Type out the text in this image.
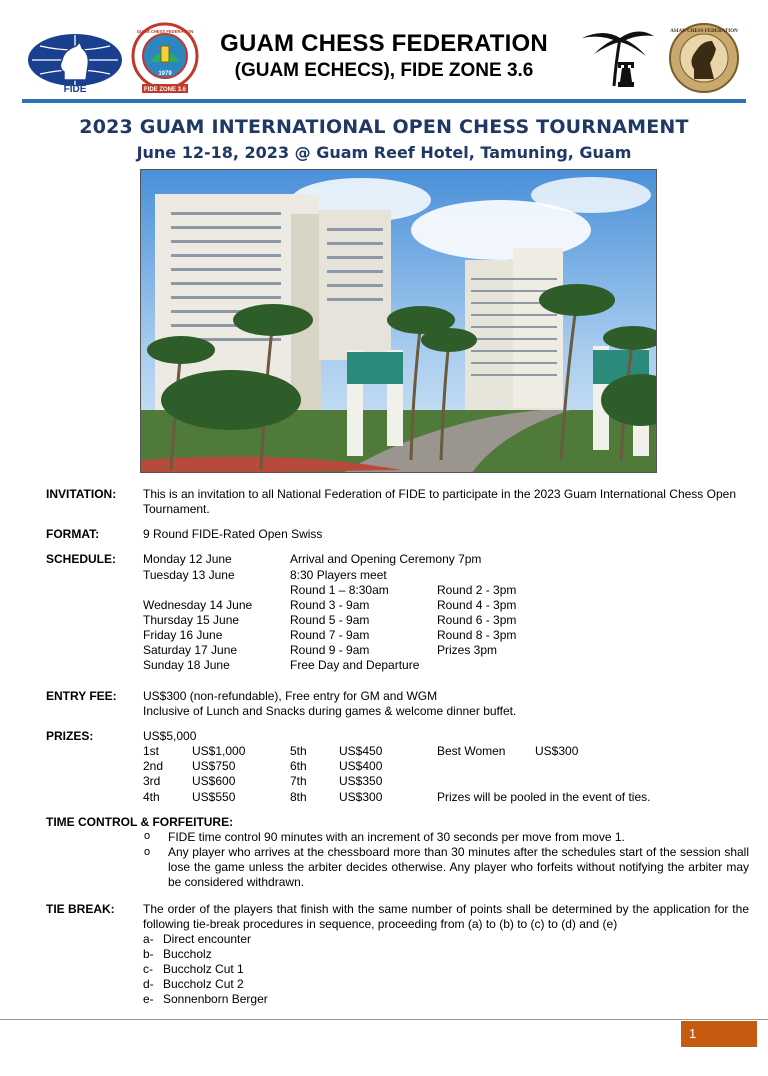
FIDE
1979
GUAM CHESS FEDERATION
FIDE ZONE 3.6
GUAM CHESS FEDERATION
(GUAM ECHECS), FIDE ZONE 3.6
ASIAN CHESS FEDERATION
2023 GUAM INTERNATIONAL OPEN CHESS TOURNAMENT
June 12-18, 2023 @ Guam Reef Hotel, Tamuning, Guam
INVITATION: This is an invitation to all National Federation of FIDE to participate in the 2023 Guam International Chess Open Tournament.
FORMAT:	9 Round FIDE-Rated Open Swiss
SCHEDULE: Monday 12 June	Arrival and Opening Ceremony 7pm
Tuesday 13 June	8:30 Players meet
Round 1 – 8:30am	Round 2 - 3pm
Wednesday 14 June	Round 3 - 9am	Round 4 - 3pm
Thursday 15 June	Round 5 - 9am	Round 6 - 3pm
Friday 16 June	Round 7 - 9am	Round 8 - 3pm
Saturday 17 June	Round 9 - 9am	Prizes 3pm
Sunday 18 June	Free Day and Departure
ENTRY FEE: US$300 (non-refundable), Free entry for GM and WGM
Inclusive of Lunch and Snacks during games & welcome dinner buffet.
PRIZES:	US$5,000
1st	US$1,000	5th	US$450	Best Women US$300
2nd US$750	6th	US$400
3rd	US$600	7th	US$350
4th	US$550	8th	US$300	Prizes will be pooled in the event of ties.
TIME CONTROL & FORFEITURE:
o FIDE time control 90 minutes with an increment of 30 seconds per move from move 1.
o Any player who arrives at the chessboard more than 30 minutes after the schedules start of the session shall lose the game unless the arbiter decides otherwise. Any player who forfeits without notifying the arbiter may be considered withdrawn.
TIE BREAK: The order of the players that finish with the same number of points shall be determined by the application for the following tie-break procedures in sequence, proceeding from (a) to (b) to (c) to (d) and (e)
a- Direct encounter
b- Buccholz
c- Buccholz Cut 1
d- Buccholz Cut 2
e- Sonnenborn Berger
1
